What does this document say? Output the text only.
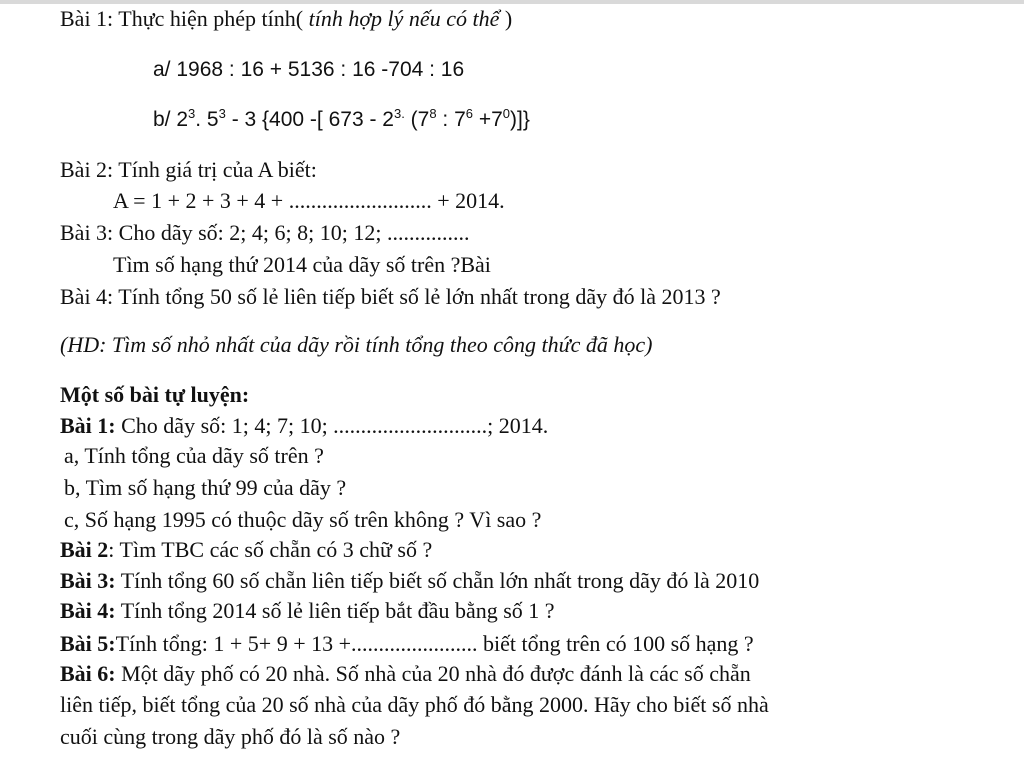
Bài 1: Thực hiện phép tính( tính hợp lý nếu có thể )
a/ 1968 : 16 + 5136 : 16 -704 : 16
b/ $2^3$. $5^3 - 3$ {400 -[ $673 - 2^{3.}$ ($7^8$ : $7^6 +7^0$)]}
Bài 2: Tính giá trị của A biết:
A = 1 + 2 + 3 + 4 + .......................... + 2014.
Bài 3: Cho dãy số: 2; 4; 6; 8; 10; 12; ...............
Tìm số hạng thứ 2014 của dãy số trên ?Bài
Bài 4: Tính tổng 50 số lẻ liên tiếp biết số lẻ lớn nhất trong dãy đó là 2013 ?
(HD: Tìm số nhỏ nhất của dãy rồi tính tổng theo công thức đã học)
Một số bài tự luyện:
Bài 1: Cho dãy số: 1; 4; 7; 10; ............................; 2014.
a, Tính tổng của dãy số trên ?
b, Tìm số hạng thứ 99 của dãy ?
c, Số hạng 1995 có thuộc dãy số trên không ? Vì sao ?
Bài 2: Tìm TBC các số chẵn có 3 chữ số ?
Bài 3: Tính tổng 60 số chẵn liên tiếp biết số chẵn lớn nhất trong dãy đó là 2010
Bài 4: Tính tổng 2014 số lẻ liên tiếp bắt đầu bằng số 1 ?
Bài 5:Tính tổng: 1 + 5+ 9 + 13 +....................... biết tổng trên có 100 số hạng ?
Bài 6: Một dãy phố có 20 nhà. Số nhà của 20 nhà đó được đánh là các số chẵn
liên tiếp, biết tổng của 20 số nhà của dãy phố đó bằng 2000. Hãy cho biết số nhà
cuối cùng trong dãy phố đó là số nào ?
